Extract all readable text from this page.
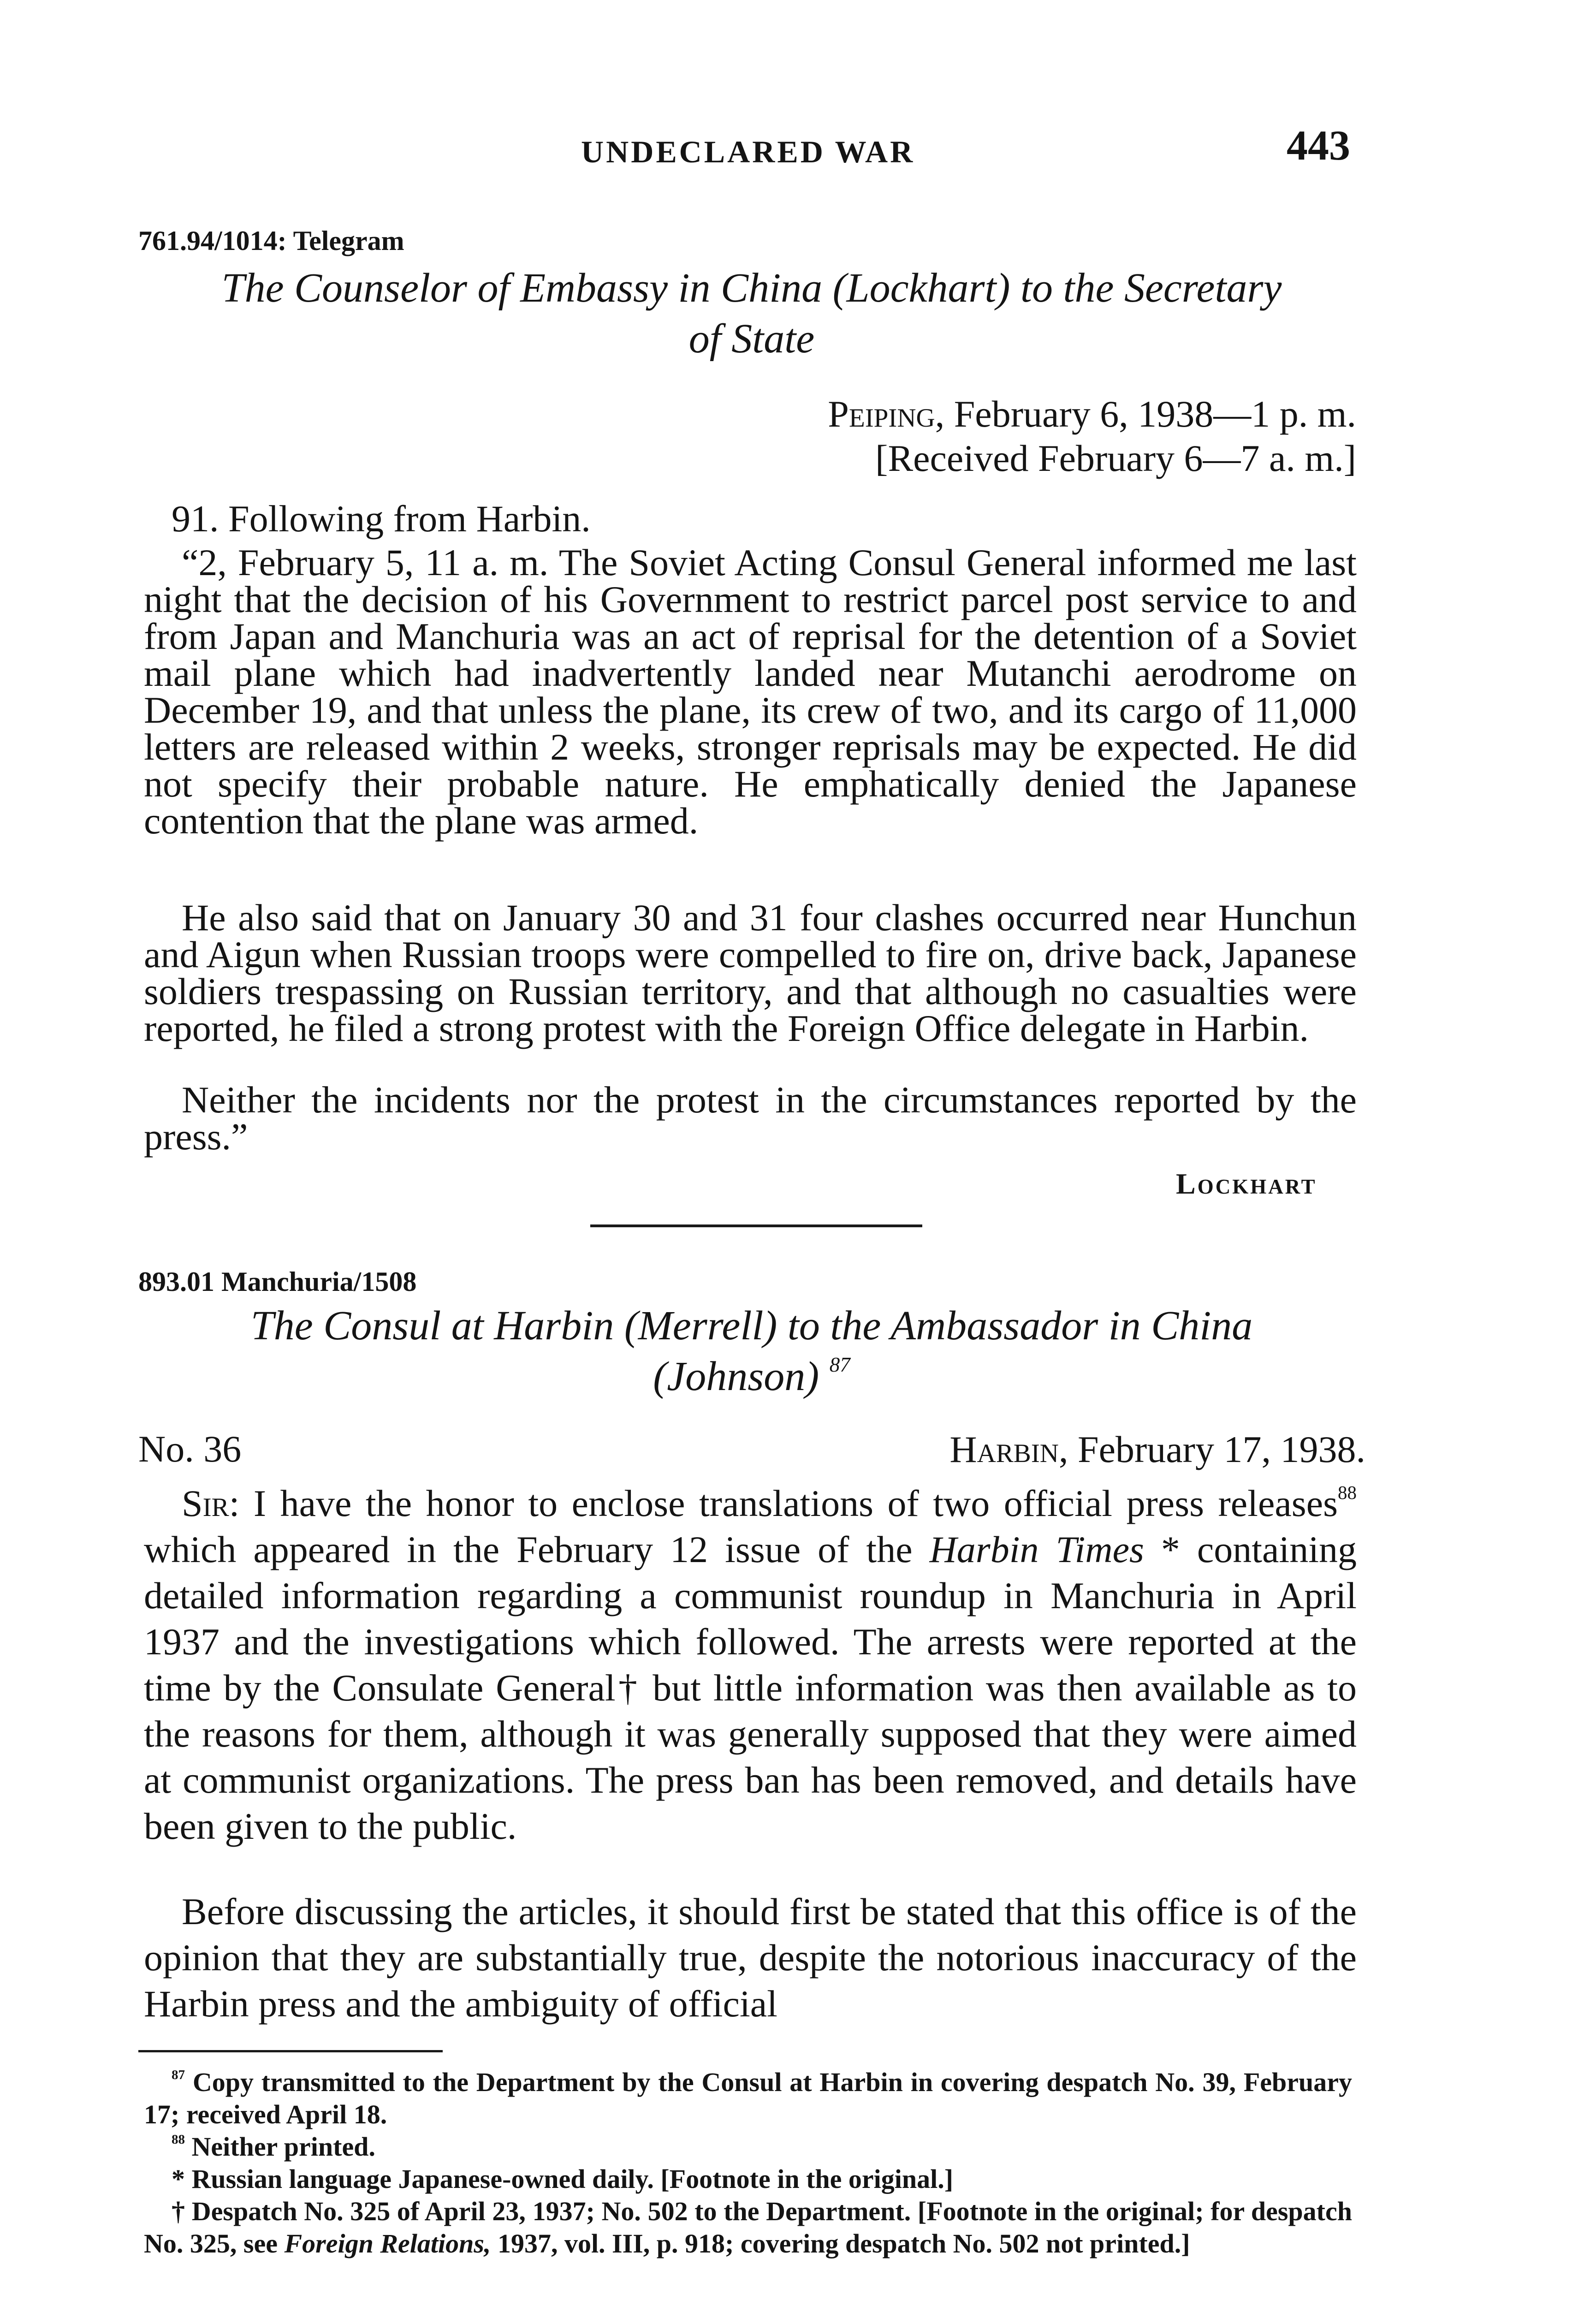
UNDECLARED WAR	443
761.94/1014: Telegram
The Counselor of Embassy in China (Lockhart) to the Secretary
of State
Peiping, February 6, 1938—1 p. m.
[Received February 6—7 a. m.]
91. Following from Harbin.
“2, February 5, 11 a. m. The Soviet Acting Consul General informed me last night that the decision of his Government to restrict parcel post service to and from Japan and Manchuria was an act of reprisal for the detention of a Soviet mail plane which had inadvertently landed near Mutanchi aerodrome on December 19, and that unless the plane, its crew of two, and its cargo of 11,000 letters are released within 2 weeks, stronger reprisals may be expected. He did not specify their probable nature. He emphatically denied the Japanese contention that the plane was armed.
He also said that on January 30 and 31 four clashes occurred near Hunchun and Aigun when Russian troops were compelled to fire on, drive back, Japanese soldiers trespassing on Russian territory, and that although no casualties were reported, he filed a strong protest with the Foreign Office delegate in Harbin.
Neither the incidents nor the protest in the circumstances reported by the press.”
Lockhart
893.01 Manchuria/1508
The Consul at Harbin (Merrell) to the Ambassador in China
(Johnson) $^{87}$
No. 36	Harbin, February 17, 1938.
Sir: I have the honor to enclose translations of two official press releases$^{88}$ which appeared in the February 12 issue of the Harbin Times * containing detailed information regarding a communist roundup in Manchuria in April 1937 and the investigations which followed. The arrests were reported at the time by the Consulate General† but little information was then available as to the reasons for them, although it was generally supposed that they were aimed at communist organizations. The press ban has been removed, and details have been given to the public.
Before discussing the articles, it should first be stated that this office is of the opinion that they are substantially true, despite the notorious inaccuracy of the Harbin press and the ambiguity of official

$^{87}$ Copy transmitted to the Department by the Consul at Harbin in covering despatch No. 39, February 17; received April 18.

$^{88}$ Neither printed.

* Russian language Japanese-owned daily. [Footnote in the original.]

† Despatch No. 325 of April 23, 1937; No. 502 to the Department. [Footnote in the original; for despatch No. 325, see Foreign Relations, 1937, vol. III, p. 918; covering despatch No. 502 not printed.]
